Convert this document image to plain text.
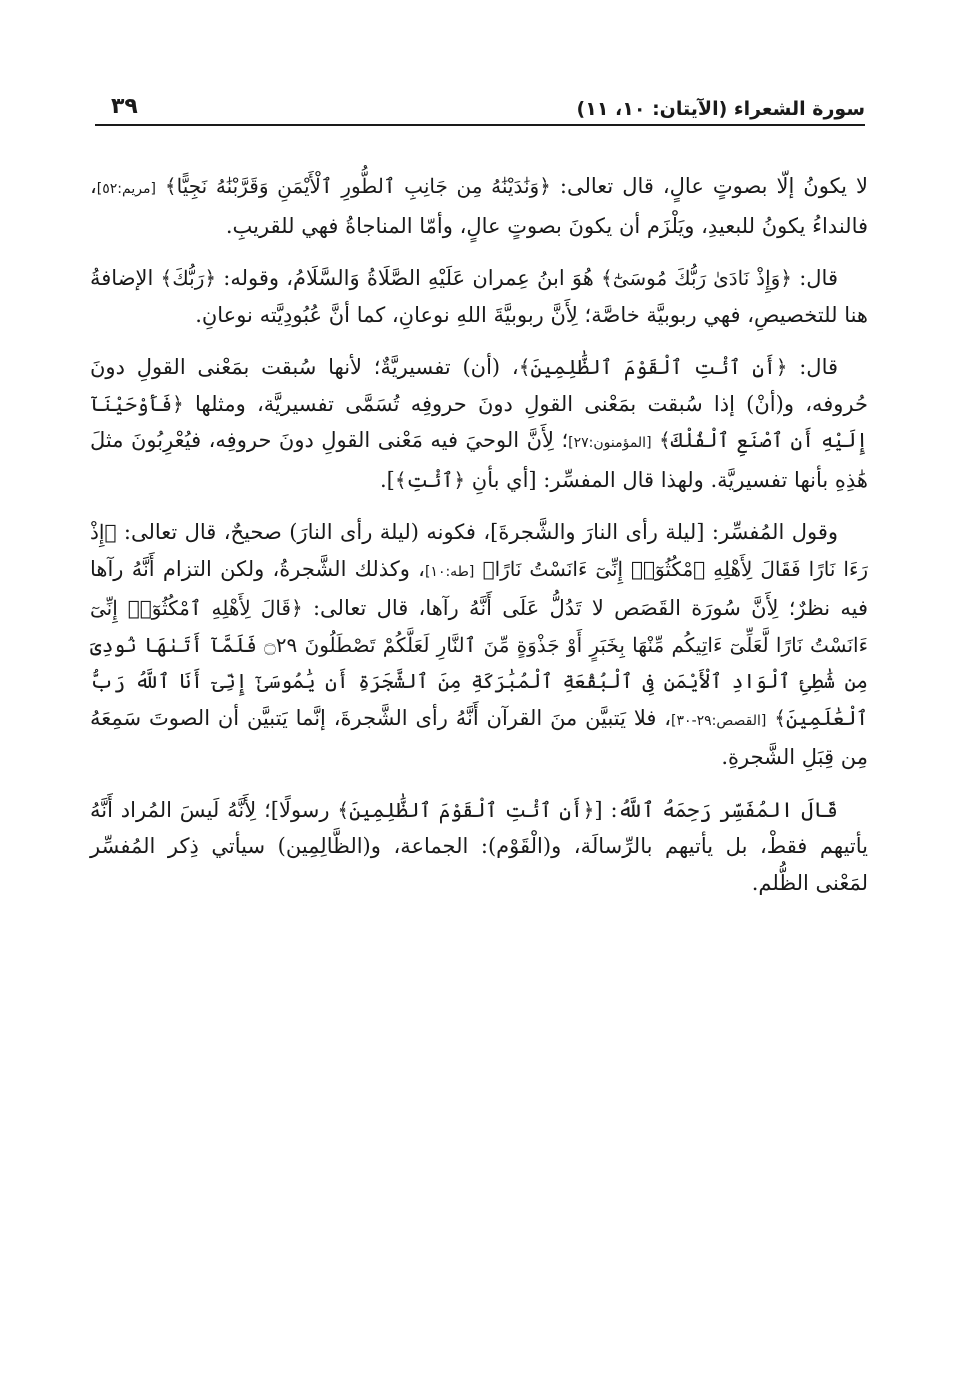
سورة الشعراء (الآيتان: ١٠، ١١)
٣٩

لا يكونُ إلّا بصوتٍ عالٍ، قال تعالى: ﴿وَنَٰدَيْنَٰهُ مِن جَانِبِ ٱلطُّورِ ٱلْأَيْمَنِ وَقَرَّبْنَٰهُ نَجِيًّا﴾ [مريم:٥٢]، فالنداءُ يكونُ للبعيدِ، ويَلْزَم أن يكونَ بصوتٍ عالٍ، وأمّا المناجاةُ فهي للقريبِ.

قال: ﴿وَإِذْ نَادَىٰ رَبُّكَ مُوسَىٰٓ﴾ هُوَ ابنُ عِمران عَلَيْهِ الصَّلَاةُ وَالسَّلَامُ، وقوله: ﴿رَبُّكَ﴾ الإضافةُ هنا للتخصيصِ، فهي ربوبيَّة خاصَّة؛ لِأَنَّ ربوبيَّةَ اللهِ نوعانِ، كما أنَّ عُبُودِيَّته نوعانِ.

قال: ﴿أَنِ ٱئْتِ ٱلْقَوْمَ ٱلظَّٰلِمِينَ﴾، (أن) تفسيريَّةٌ؛ لأنها سُبقت بمَعْنى القولِ دونَ حُروفه، و(أنْ) إذا سُبقت بمَعْنى القولِ دونَ حروفِه تُسَمَّى تفسيريَّة، ومثلها ﴿فَأَوْحَيْنَآ إِلَيْهِ أَنِ ٱصْنَعِ ٱلْفُلْكَ﴾ [المؤمنون:٢٧]؛ لِأَنَّ الوحيَ فيه مَعْنى القولِ دونَ حروفِه، فيُعْرِبُونَ مثلَ هَٰذِهِ بأنها تفسيريَّة. ولهذا قال المفسِّر: [أي بأنِ ﴿ٱئْتِ﴾].

وقول المُفسِّر: [ليلة رأى النارَ والشَّجرةَ]، فكونه (ليلة رأى النارَ) صحيحٌ، قال تعالى: ﴿إِذْ رَءَا نَارًا فَقَالَ لِأَهْلِهِ ٱمْكُثُوٓا۟ إِنِّىٓ ءَانَسْتُ نَارًا﴾ [طه:١٠]، وكذلك الشَّجرةُ، ولكن التزام أَنَّهُ رآها فيه نظرٌ؛ لِأَنَّ سُورَة القَصَص لا تَدُلُّ عَلَى أَنَّهُ رآها، قال تعالى: ﴿قَالَ لِأَهْلِهِ ٱمْكُثُوٓا۟ إِنِّىٓ ءَانَسْتُ نَارًا لَّعَلِّىٓ ءَاتِيكُم مِّنْهَا بِخَبَرٍ أَوْ جَذْوَةٍ مِّنَ ٱلنَّارِ لَعَلَّكُمْ تَصْطَلُونَ ۝٢٩ فَلَمَّآ أَتَىٰهَا نُودِىَ مِن شَٰطِئِ ٱلْوَادِ ٱلْأَيْمَنِ فِى ٱلْبُقْعَةِ ٱلْمُبَٰرَكَةِ مِنَ ٱلشَّجَرَةِ أَن يَٰمُوسَىٰٓ إِنِّىٓ أَنَا ٱللَّهُ رَبُّ ٱلْعَٰلَمِينَ﴾ [القصص:٢٩-٣٠]، فلا يَتبيَّن منَ القرآن أَنَّهُ رأى الشَّجرةَ، إنَّما يَتبيَّن أن الصوتَ سَمِعَهُ مِن قِبَلِ الشَّجرةِ.

قَالَ المُفَسِّر رَحِمَهُ ٱللَّهُ: [﴿أَنِ ٱئْتِ ٱلْقَوْمَ ٱلظَّٰلِمِينَ﴾ رسولًا]؛ لِأَنَّهُ لَيسَ المُراد أَنَّهُ يأتيهم فقطْ، بل يأتيهم بالرِّسالَة، و(الْقَوْم): الجماعة، و(الظَّالِمِين) سيأتي ذِكر المُفسِّر لمَعْنى الظُّلم.
